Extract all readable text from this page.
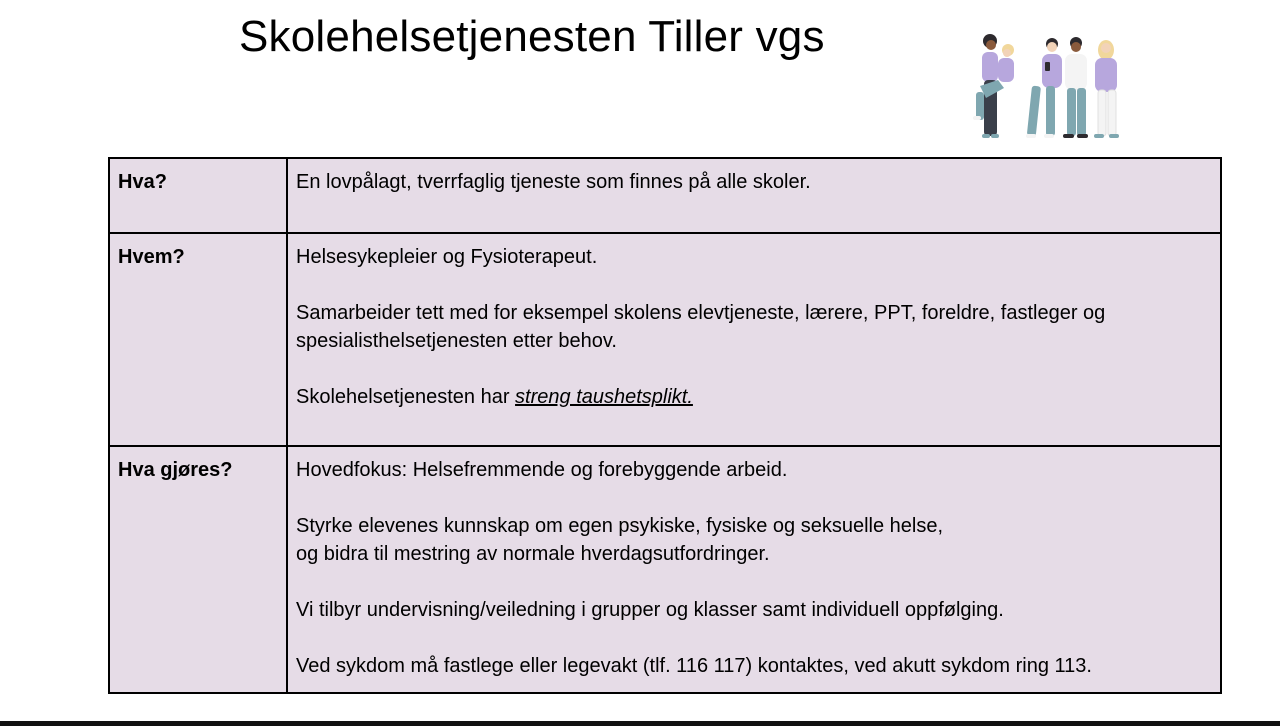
Skolehelsetjenesten Tiller vgs
Hva?	En lovpålagt, tverrfaglig tjeneste som finnes på alle skoler.

Hvem?	Helsesykepleier og Fysioterapeut.
Samarbeider tett med for eksempel skolens elevtjeneste, lærere, PPT, foreldre, fastleger og
spesialisthelsetjenesten etter behov.
Skolehelsetjenesten har streng taushetsplikt.

Hva gjøres?	Hovedfokus: Helsefremmende og forebyggende arbeid.
Styrke elevenes kunnskap om egen psykiske, fysiske og seksuelle helse,
og bidra til mestring av normale hverdagsutfordringer.
Vi tilbyr undervisning/veiledning i grupper og klasser samt individuell oppfølging.
Ved sykdom må fastlege eller legevakt (tlf. 116 117) kontaktes, ved akutt sykdom ring 113.
